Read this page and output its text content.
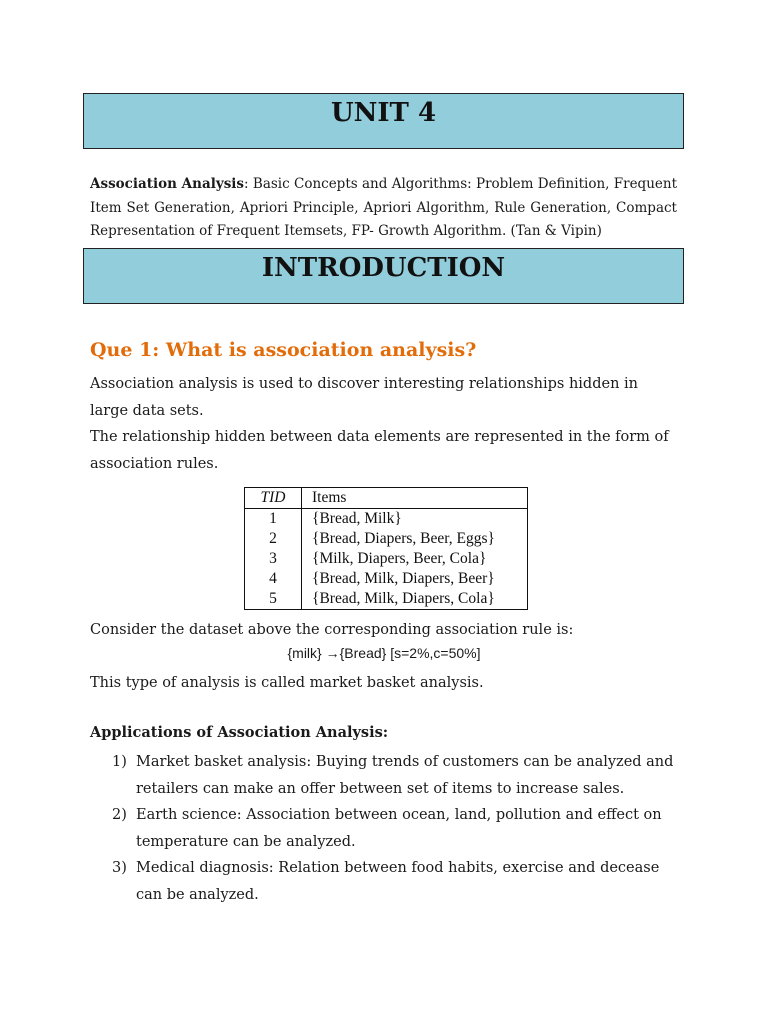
UNIT 4
Association Analysis: Basic Concepts and Algorithms: Problem Definition, Frequent Item Set Generation, Apriori Principle, Apriori Algorithm, Rule Generation, Compact Representation of Frequent Itemsets, FP- Growth Algorithm. (Tan & Vipin)
INTRODUCTION
Que 1: What is association analysis?
Association analysis is used to discover interesting relationships hidden in large data sets.
The relationship hidden between data elements are represented in the form of association rules.
TID	Items
1	{Bread, Milk}
2	{Bread, Diapers, Beer, Eggs}
3	{Milk, Diapers, Beer, Cola}
4	{Bread, Milk, Diapers, Beer}
5	{Bread, Milk, Diapers, Cola}
Consider the dataset above the corresponding association rule is:
{milk} →{Bread} [s=2%,c=50%]
This type of analysis is called market basket analysis.
Applications of Association Analysis:
1) Market basket analysis: Buying trends of customers can be analyzed and retailers can make an offer between set of items to increase sales.
2) Earth science: Association between ocean, land, pollution and effect on temperature can be analyzed.
3) Medical diagnosis: Relation between food habits, exercise and decease can be analyzed.
